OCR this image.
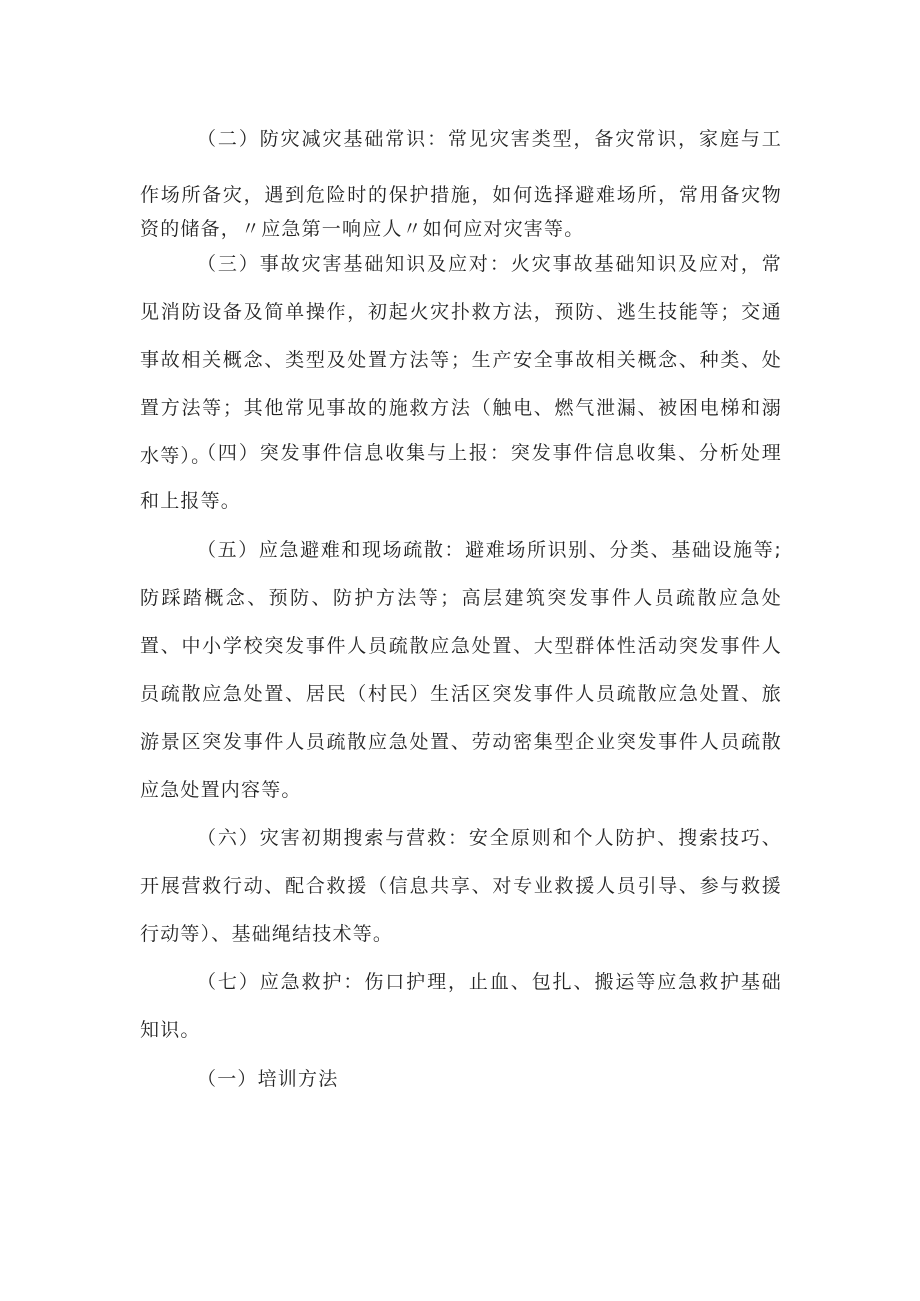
（二）防灾减灾基础常识：常见灾害类型，备灾常识，家庭与工

作场所备灾，遇到危险时的保护措施，如何选择避难场所，常用备灾物资的储备，〃应急第一响应人〃如何应对灾害等。

（三）事故灾害基础知识及应对：火灾事故基础知识及应对，常见消防设备及简单操作，初起火灾扑救方法，预防、逃生技能等；交通事故相关概念、类型及处置方法等；生产安全事故相关概念、种类、处置方法等；其他常见事故的施救方法（触电、燃气泄漏、被困电梯和溺水等）。

（四）突发事件信息收集与上报：突发事件信息收集、分析处理和上报等。

（五）应急避难和现场疏散：避难场所识别、分类、基础设施等;防踩踏概念、预防、防护方法等；高层建筑突发事件人员疏散应急处置、中小学校突发事件人员疏散应急处置、大型群体性活动突发事件人员疏散应急处置、居民（村民）生活区突发事件人员疏散应急处置、旅游景区突发事件人员疏散应急处置、劳动密集型企业突发事件人员疏散应急处置内容等。

（六）灾害初期搜索与营救：安全原则和个人防护、搜索技巧、开展营救行动、配合救援（信息共享、对专业救援人员引导、参与救援行动等）、基础绳结技术等。

（七）应急救护：伤口护理，止血、包扎、搬运等应急救护基础知识。

（一）培训方法
